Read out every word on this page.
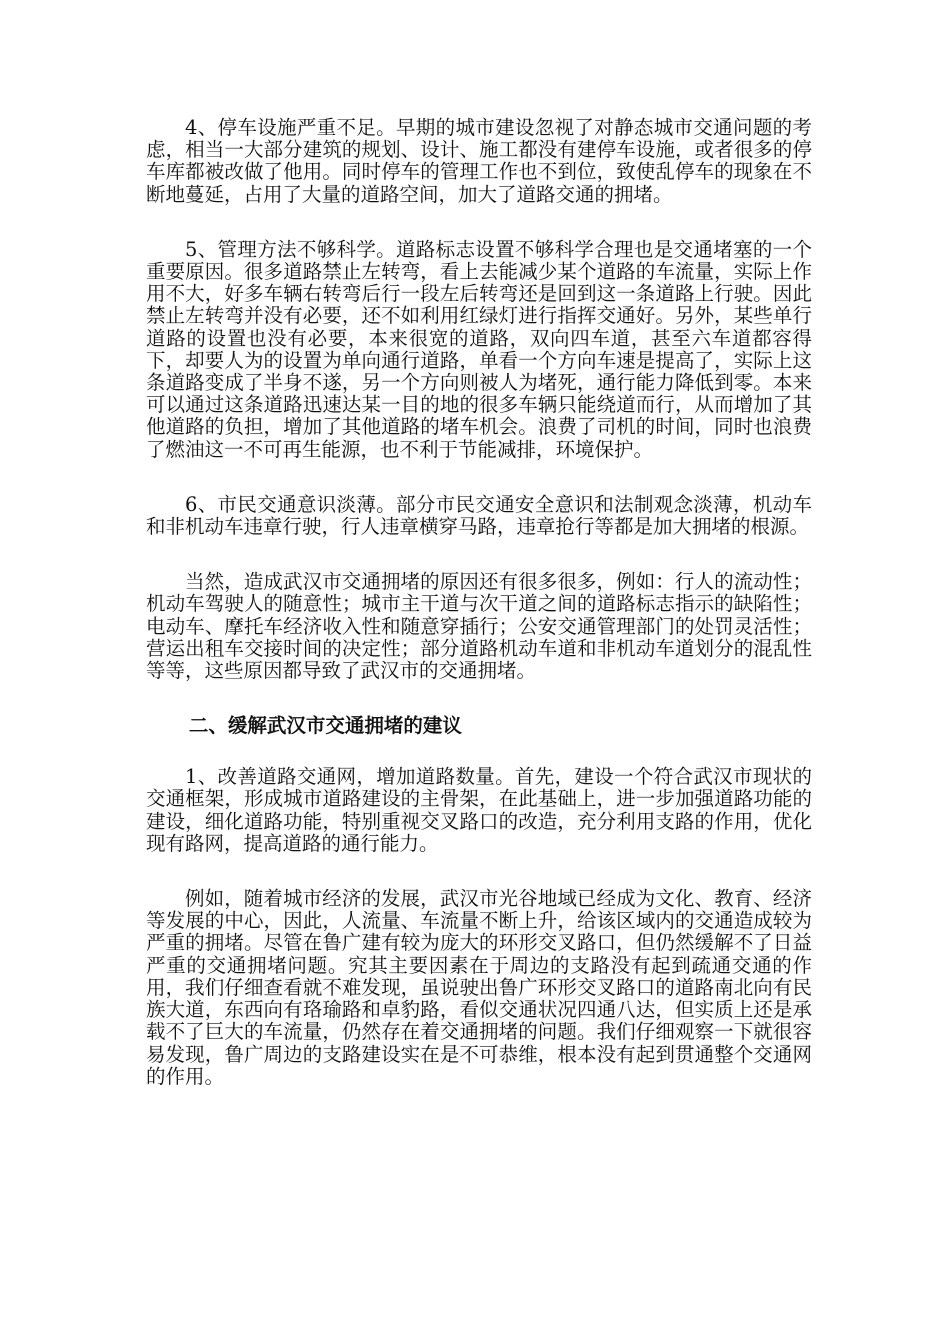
4、停车设施严重不足。早期的城市建设忽视了对静态城市交通问题的考虑，相当一大部分建筑的规划、设计、施工都没有建停车设施，或者很多的停车库都被改做了他用。同时停车的管理工作也不到位，致使乱停车的现象在不断地蔓延，占用了大量的道路空间，加大了道路交通的拥堵。

5、管理方法不够科学。道路标志设置不够科学合理也是交通堵塞的一个重要原因。很多道路禁止左转弯，看上去能减少某个道路的车流量，实际上作用不大，好多车辆右转弯后行一段左后转弯还是回到这一条道路上行驶。因此禁止左转弯并没有必要，还不如利用红绿灯进行指挥交通好。另外，某些单行道路的设置也没有必要，本来很宽的道路，双向四车道，甚至六车道都容得下，却要人为的设置为单向通行道路，单看一个方向车速是提高了，实际上这条道路变成了半身不遂，另一个方向则被人为堵死，通行能力降低到零。本来可以通过这条道路迅速达某一目的地的很多车辆只能绕道而行，从而增加了其他道路的负担，增加了其他道路的堵车机会。浪费了司机的时间，同时也浪费了燃油这一不可再生能源，也不利于节能减排，环境保护。

6、市民交通意识淡薄。部分市民交通安全意识和法制观念淡薄，机动车和非机动车违章行驶，行人违章横穿马路，违章抢行等都是加大拥堵的根源。

当然，造成武汉市交通拥堵的原因还有很多很多，例如：行人的流动性；机动车驾驶人的随意性；城市主干道与次干道之间的道路标志指示的缺陷性；电动车、摩托车经济收入性和随意穿插行；公安交通管理部门的处罚灵活性；营运出租车交接时间的决定性；部分道路机动车道和非机动车道划分的混乱性等等，这些原因都导致了武汉市的交通拥堵。

二、缓解武汉市交通拥堵的建议

1、改善道路交通网，增加道路数量。首先，建设一个符合武汉市现状的交通框架，形成城市道路建设的主骨架，在此基础上，进一步加强道路功能的建设，细化道路功能，特别重视交叉路口的改造，充分利用支路的作用，优化现有路网，提高道路的通行能力。

例如，随着城市经济的发展，武汉市光谷地域已经成为文化、教育、经济等发展的中心，因此，人流量、车流量不断上升，给该区域内的交通造成较为严重的拥堵。尽管在鲁广建有较为庞大的环形交叉路口，但仍然缓解不了日益严重的交通拥堵问题。究其主要因素在于周边的支路没有起到疏通交通的作用，我们仔细查看就不难发现，虽说驶出鲁广环形交叉路口的道路南北向有民族大道，东西向有珞瑜路和卓豹路，看似交通状况四通八达，但实质上还是承载不了巨大的车流量，仍然存在着交通拥堵的问题。我们仔细观察一下就很容易发现，鲁广周边的支路建设实在是不可恭维，根本没有起到贯通整个交通网的作用。
